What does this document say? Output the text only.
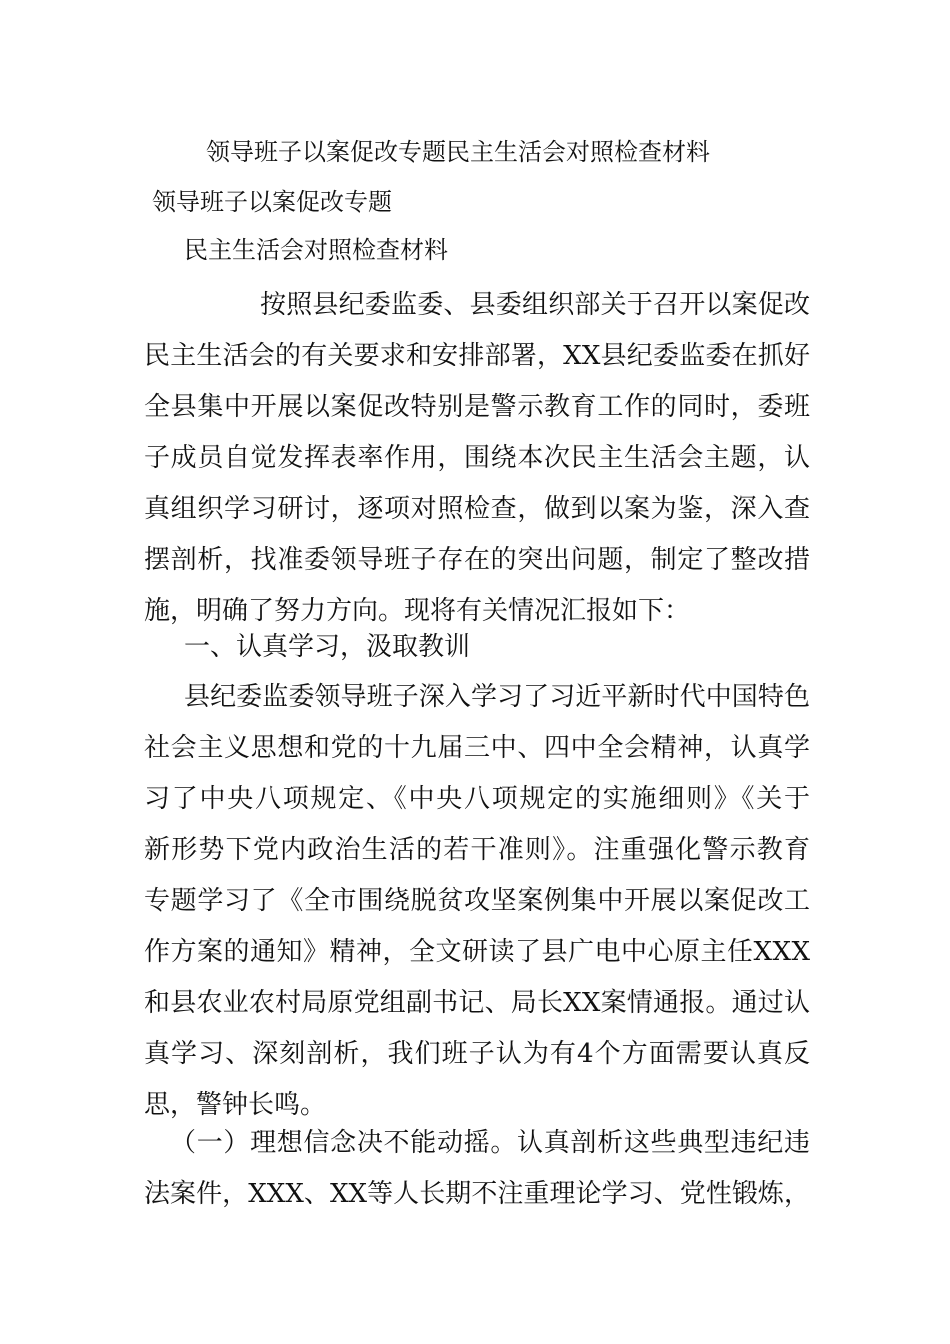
领导班子以案促改专题民主生活会对照检查材料
领导班子以案促改专题
民主生活会对照检查材料
按照县纪委监委、县委组织部关于召开以案促改
民主生活会的有关要求和安排部署，XX县纪委监委在抓好
全县集中开展以案促改特别是警示教育工作的同时，委班
子成员自觉发挥表率作用，围绕本次民主生活会主题，认
真组织学习研讨，逐项对照检查，做到以案为鉴，深入查
摆剖析，找准委领导班子存在的突出问题，制定了整改措
施，明确了努力方向。现将有关情况汇报如下：
一、认真学习，汲取教训
县纪委监委领导班子深入学习了习近平新时代中国特色
社会主义思想和党的十九届三中、四中全会精神，认真学
习了中央八项规定、《中央八项规定的实施细则》《关于
新形势下党内政治生活的若干准则》。注重强化警示教育
专题学习了《全市围绕脱贫攻坚案例集中开展以案促改工
作方案的通知》精神，全文研读了县广电中心原主任XXX
和县农业农村局原党组副书记、局长XX案情通报。通过认
真学习、深刻剖析，我们班子认为有4个方面需要认真反
思，警钟长鸣。
（一）理想信念决不能动摇。认真剖析这些典型违纪违
法案件，XXX、XX等人长期不注重理论学习、党性锻炼，
